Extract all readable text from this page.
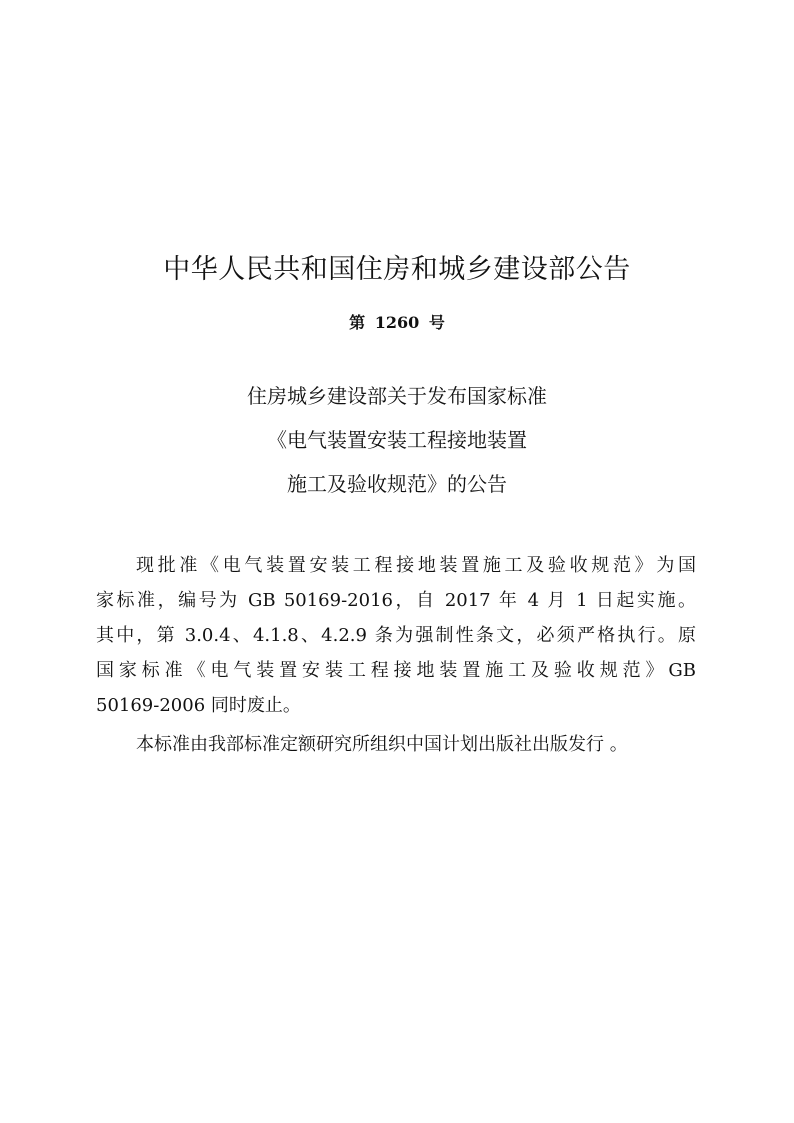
中华人民共和国住房和城乡建设部公告
第 1260 号
住房城乡建设部关于发布国家标准
《电气装置安装工程接地装置
施工及验收规范》的公告
现批准《电气装置安装工程接地装置施工及验收规范》为国
家标准，编号为 GB 50169-2016，自 2017 年 4 月 1 日起实施。
其中，第 3.0.4、4.1.8、4.2.9 条为强制性条文，必须严格执行。原
国家标准《电气装置安装工程接地装置施工及验收规范》GB
50169-2006 同时废止。
本标准由我部标准定额研究所组织中国计划出版社出版发行 。
